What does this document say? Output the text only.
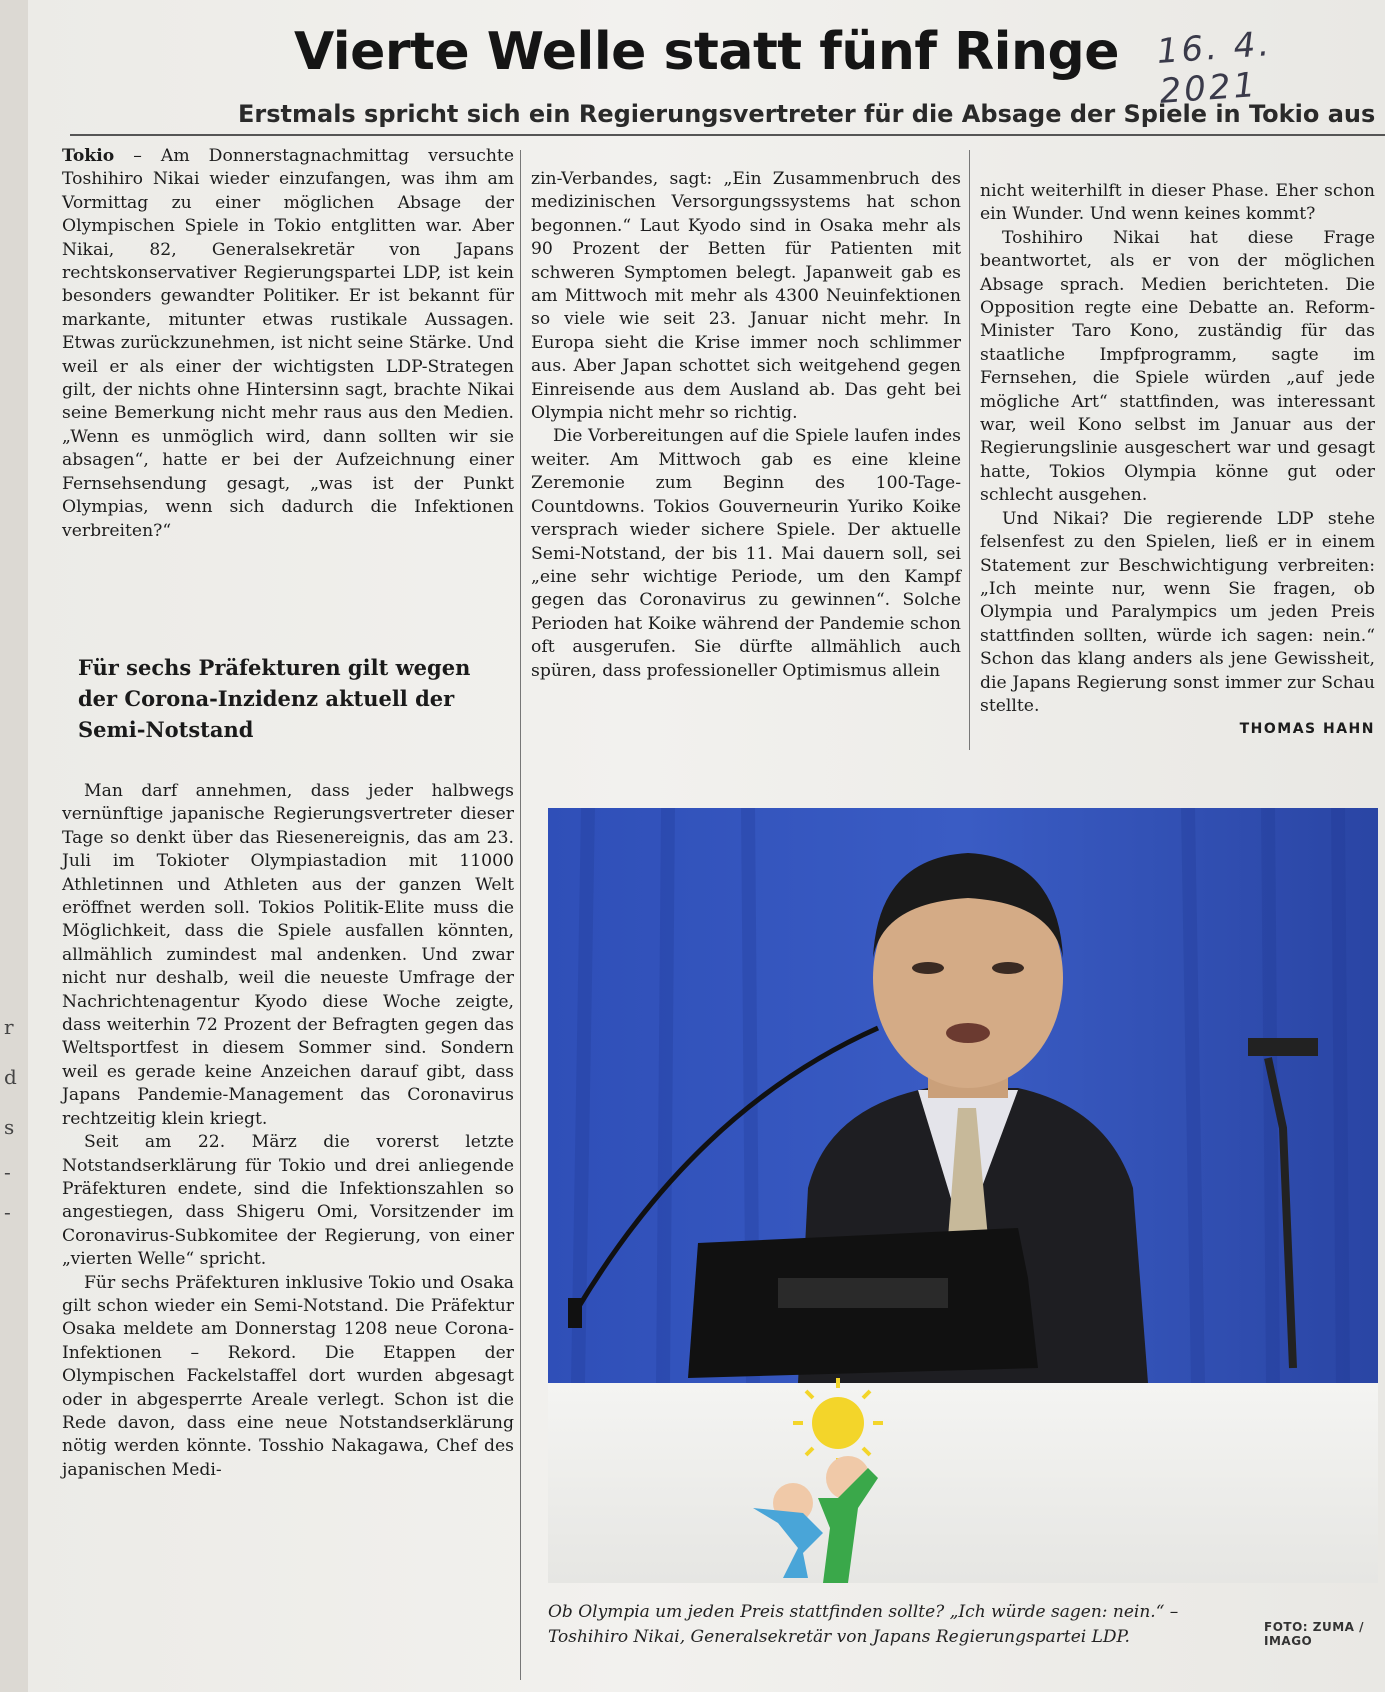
r
d
s
-
-
Vierte Welle statt fünf Ringe	16. 4. 2021
Erstmals spricht sich ein Regierungsvertreter für die Absage der Spiele in Tokio aus

Tokio – Am Donnerstagnachmittag versuchte Toshihiro Nikai wieder einzufangen, was ihm am Vormittag zu einer möglichen Absage der Olympischen Spiele in Tokio entglitten war. Aber Nikai, 82, Generalsekretär von Japans rechtskonservativer Regierungspartei LDP, ist kein besonders gewandter Politiker. Er ist bekannt für markante, mitunter etwas rustikale Aussagen. Etwas zurückzunehmen, ist nicht seine Stärke. Und weil er als einer der wichtigsten LDP-Strategen gilt, der nichts ohne Hintersinn sagt, brachte Nikai seine Bemerkung nicht mehr raus aus den Medien. „Wenn es unmöglich wird, dann sollten wir sie absagen“, hatte er bei der Aufzeichnung einer Fernsehsendung gesagt, „was ist der Punkt Olympias, wenn sich dadurch die Infektionen verbreiten?“

Für sechs Präfekturen gilt wegen der Corona-Inzidenz aktuell der Semi-Notstand

Man darf annehmen, dass jeder halbwegs vernünftige japanische Regierungsvertreter dieser Tage so denkt über das Riesenereignis, das am 23. Juli im Tokioter Olympiastadion mit 11000 Athletinnen und Athleten aus der ganzen Welt eröffnet werden soll. Tokios Politik-Elite muss die Möglichkeit, dass die Spiele ausfallen könnten, allmählich zumindest mal andenken. Und zwar nicht nur deshalb, weil die neueste Umfrage der Nachrichtenagentur Kyodo diese Woche zeigte, dass weiterhin 72 Prozent der Befragten gegen das Weltsportfest in diesem Sommer sind. Sondern weil es gerade keine Anzeichen darauf gibt, dass Japans Pandemie-Management das Coronavirus rechtzeitig klein kriegt.

Seit am 22. März die vorerst letzte Notstandserklärung für Tokio und drei anliegende Präfekturen endete, sind die Infektionszahlen so angestiegen, dass Shigeru Omi, Vorsitzender im Coronavirus-Subkomitee der Regierung, von einer „vierten Welle“ spricht.

Für sechs Präfekturen inklusive Tokio und Osaka gilt schon wieder ein Semi-Notstand. Die Präfektur Osaka meldete am Donnerstag 1208 neue Corona-Infektionen – Rekord. Die Etappen der Olympischen Fackelstaffel dort wurden abgesagt oder in abgesperrte Areale verlegt. Schon ist die Rede davon, dass eine neue Notstandserklärung nötig werden könnte. Tosshio Nakagawa, Chef des japanischen Medi-

zin-Verbandes, sagt: „Ein Zusammenbruch des medizinischen Versorgungssystems hat schon begonnen.“ Laut Kyodo sind in Osaka mehr als 90 Prozent der Betten für Patienten mit schweren Symptomen belegt. Japanweit gab es am Mittwoch mit mehr als 4300 Neuinfektionen so viele wie seit 23. Januar nicht mehr. In Europa sieht die Krise immer noch schlimmer aus. Aber Japan schottet sich weitgehend gegen Einreisende aus dem Ausland ab. Das geht bei Olympia nicht mehr so richtig.

Die Vorbereitungen auf die Spiele laufen indes weiter. Am Mittwoch gab es eine kleine Zeremonie zum Beginn des 100-Tage-Countdowns. Tokios Gouverneurin Yuriko Koike versprach wieder sichere Spiele. Der aktuelle Semi-Notstand, der bis 11. Mai dauern soll, sei „eine sehr wichtige Periode, um den Kampf gegen das Coronavirus zu gewinnen“. Solche Perioden hat Koike während der Pandemie schon oft ausgerufen. Sie dürfte allmählich auch spüren, dass professioneller Optimismus allein

nicht weiterhilft in dieser Phase. Eher schon ein Wunder. Und wenn keines kommt?

Toshihiro Nikai hat diese Frage beantwortet, als er von der möglichen Absage sprach. Medien berichteten. Die Opposition regte eine Debatte an. Reform-Minister Taro Kono, zuständig für das staatliche Impfprogramm, sagte im Fernsehen, die Spiele würden „auf jede mögliche Art“ stattfinden, was interessant war, weil Kono selbst im Januar aus der Regierungslinie ausgeschert war und gesagt hatte, Tokios Olympia könne gut oder schlecht ausgehen.

Und Nikai? Die regierende LDP stehe felsenfest zu den Spielen, ließ er in einem Statement zur Beschwichtigung verbreiten: „Ich meinte nur, wenn Sie fragen, ob Olympia und Paralympics um jeden Preis stattfinden sollten, würde ich sagen: nein.“ Schon das klang anders als jene Gewissheit, die Japans Regierung sonst immer zur Schau stellte.

THOMAS HAHN
Ob Olympia um jeden Preis stattfinden sollte? „Ich würde sagen: nein.“ – Toshihiro Nikai, Generalsekretär von Japans Regierungspartei LDP.	FOTO: ZUMA / IMAGO
